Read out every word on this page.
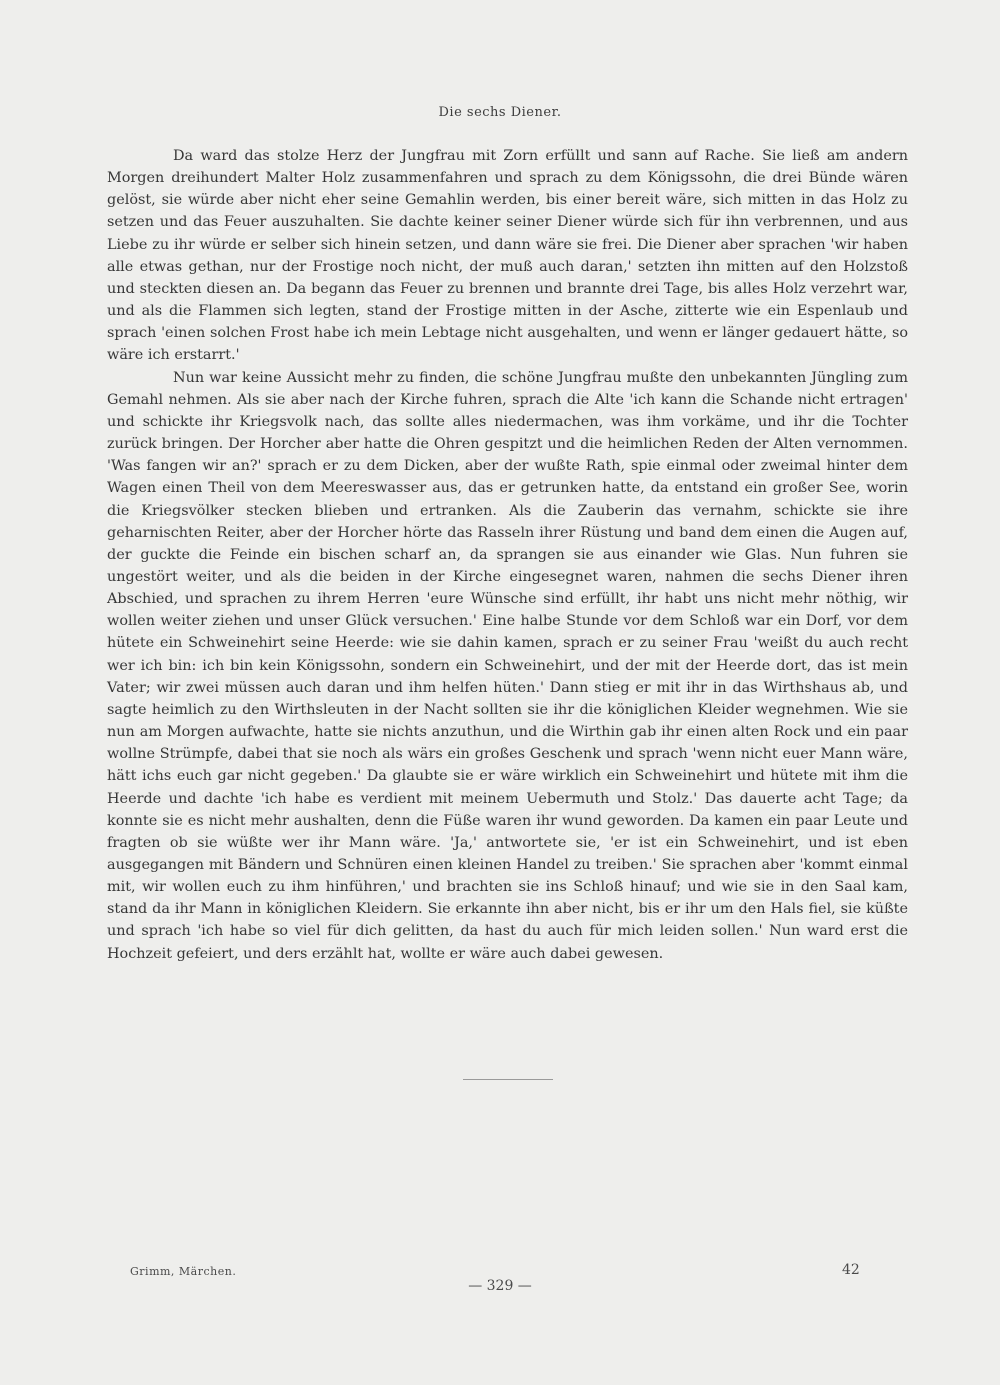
Die sechs Diener.

Da ward das stolze Herz der Jungfrau mit Zorn erfüllt und sann auf Rache. Sie ließ am andern Morgen dreihundert Malter Holz zusammenfahren und sprach zu dem Königssohn, die drei Bünde wären gelöst, sie würde aber nicht eher seine Gemahlin werden, bis einer bereit wäre, sich mitten in das Holz zu setzen und das Feuer auszuhalten. Sie dachte keiner seiner Diener würde sich für ihn verbrennen, und aus Liebe zu ihr würde er selber sich hinein setzen, und dann wäre sie frei. Die Diener aber sprachen 'wir haben alle etwas gethan, nur der Frostige noch nicht, der muß auch daran,' setzten ihn mitten auf den Holzstoß und steckten diesen an. Da begann das Feuer zu brennen und brannte drei Tage, bis alles Holz verzehrt war, und als die Flammen sich legten, stand der Frostige mitten in der Asche, zitterte wie ein Espenlaub und sprach 'einen solchen Frost habe ich mein Lebtage nicht ausgehalten, und wenn er länger gedauert hätte, so wäre ich erstarrt.'

Nun war keine Aussicht mehr zu finden, die schöne Jungfrau mußte den unbekannten Jüngling zum Gemahl nehmen. Als sie aber nach der Kirche fuhren, sprach die Alte 'ich kann die Schande nicht ertragen' und schickte ihr Kriegsvolk nach, das sollte alles niedermachen, was ihm vorkäme, und ihr die Tochter zurück bringen. Der Horcher aber hatte die Ohren gespitzt und die heimlichen Reden der Alten vernommen. 'Was fangen wir an?' sprach er zu dem Dicken, aber der wußte Rath, spie einmal oder zweimal hinter dem Wagen einen Theil von dem Meereswasser aus, das er getrunken hatte, da entstand ein großer See, worin die Kriegsvölker stecken blieben und ertranken. Als die Zauberin das vernahm, schickte sie ihre geharnischten Reiter, aber der Horcher hörte das Rasseln ihrer Rüstung und band dem einen die Augen auf, der guckte die Feinde ein bischen scharf an, da sprangen sie aus einander wie Glas. Nun fuhren sie ungestört weiter, und als die beiden in der Kirche eingesegnet waren, nahmen die sechs Diener ihren Abschied, und sprachen zu ihrem Herren 'eure Wünsche sind erfüllt, ihr habt uns nicht mehr nöthig, wir wollen weiter ziehen und unser Glück versuchen.' Eine halbe Stunde vor dem Schloß war ein Dorf, vor dem hütete ein Schweinehirt seine Heerde: wie sie dahin kamen, sprach er zu seiner Frau 'weißt du auch recht wer ich bin: ich bin kein Königssohn, sondern ein Schweinehirt, und der mit der Heerde dort, das ist mein Vater; wir zwei müssen auch daran und ihm helfen hüten.' Dann stieg er mit ihr in das Wirthshaus ab, und sagte heimlich zu den Wirthsleuten in der Nacht sollten sie ihr die königlichen Kleider wegnehmen. Wie sie nun am Morgen aufwachte, hatte sie nichts anzuthun, und die Wirthin gab ihr einen alten Rock und ein paar wollne Strümpfe, dabei that sie noch als wärs ein großes Geschenk und sprach 'wenn nicht euer Mann wäre, hätt ichs euch gar nicht gegeben.' Da glaubte sie er wäre wirklich ein Schweinehirt und hütete mit ihm die Heerde und dachte 'ich habe es verdient mit meinem Uebermuth und Stolz.' Das dauerte acht Tage; da konnte sie es nicht mehr aushalten, denn die Füße waren ihr wund geworden. Da kamen ein paar Leute und fragten ob sie wüßte wer ihr Mann wäre. 'Ja,' antwortete sie, 'er ist ein Schweinehirt, und ist eben ausgegangen mit Bändern und Schnüren einen kleinen Handel zu treiben.' Sie sprachen aber 'kommt einmal mit, wir wollen euch zu ihm hinführen,' und brachten sie ins Schloß hinauf; und wie sie in den Saal kam, stand da ihr Mann in königlichen Kleidern. Sie erkannte ihn aber nicht, bis er ihr um den Hals fiel, sie küßte und sprach 'ich habe so viel für dich gelitten, da hast du auch für mich leiden sollen.' Nun ward erst die Hochzeit gefeiert, und ders erzählt hat, wollte er wäre auch dabei gewesen.

Grimm, Märchen.	42
— 329 —
